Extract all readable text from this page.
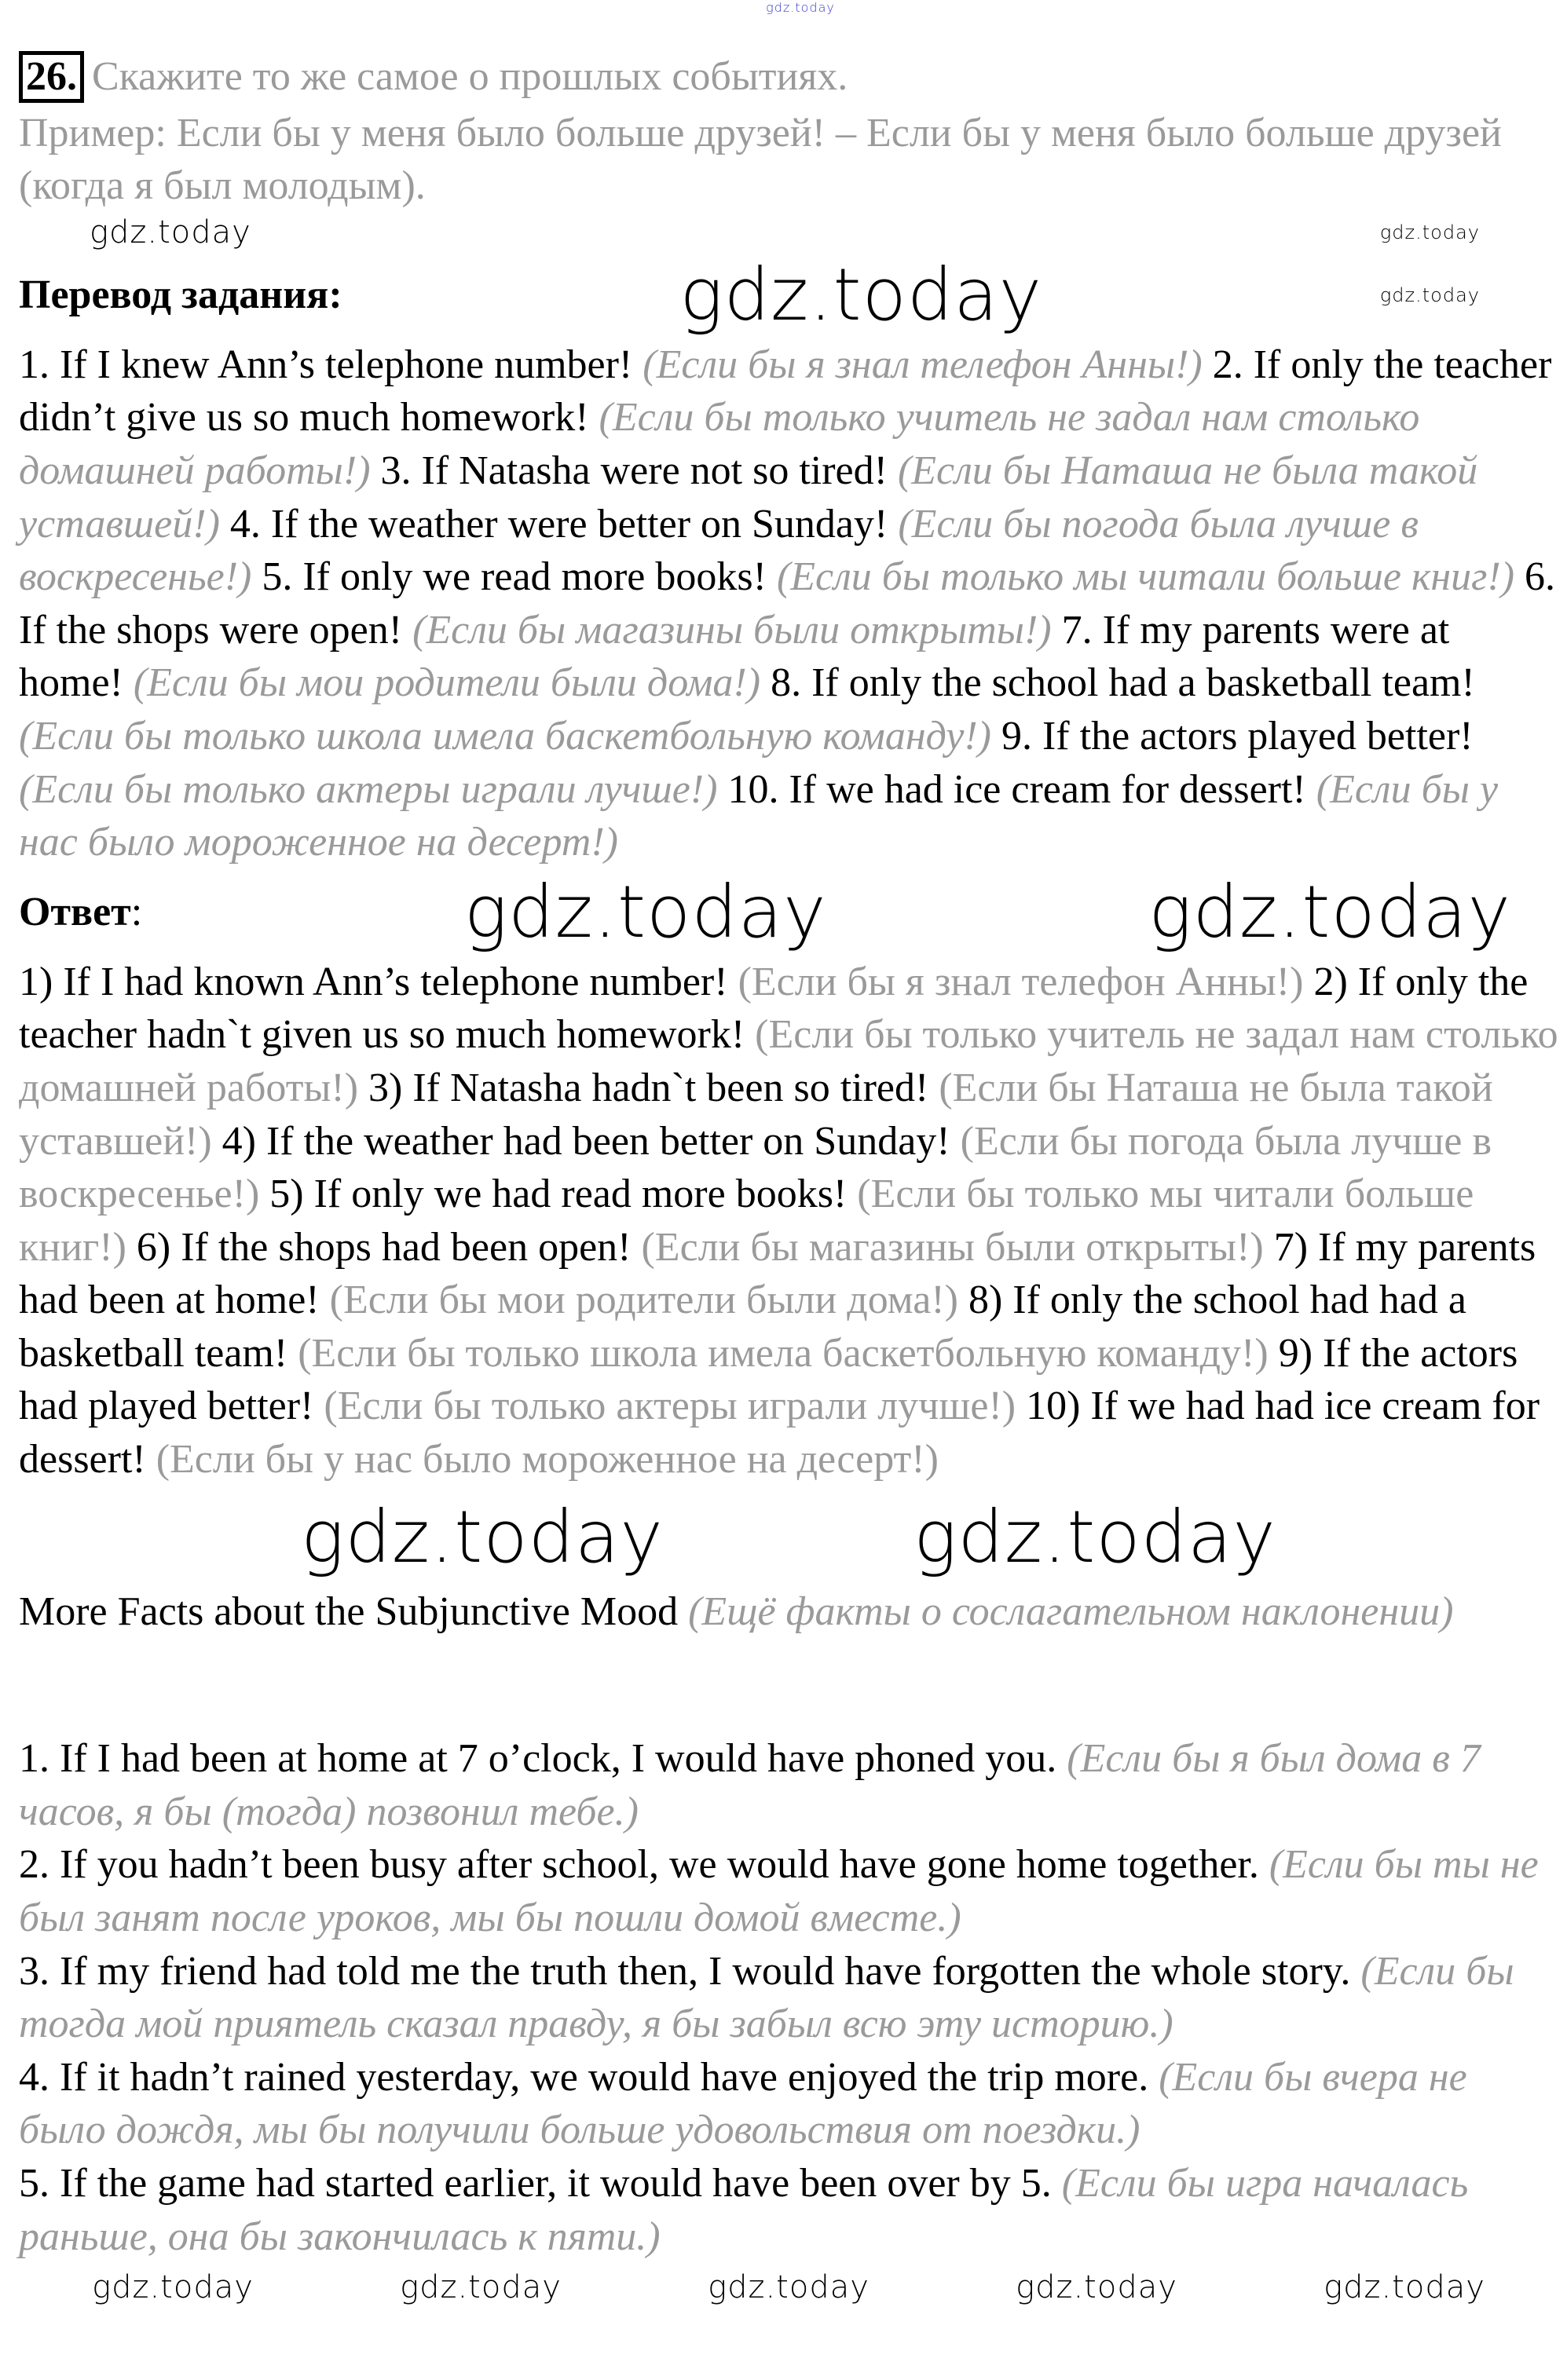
gdz.today
26. Скажите то же самое о прошлых событиях.
Пример: Если бы у меня было больше друзей! – Если бы у меня было больше друзей (когда я был молодым).
gdz.today	gdz.today
Перевод задания:	gdz.today	gdz.today
1. If I knew Ann’s telephone number! (Если бы я знал телефон Анны!) 2. If only the teacher didn’t give us so much homework! (Если бы только учитель не задал нам столько домашней работы!) 3. If Natasha were not so tired! (Если бы Наташа не была такой уставшей!) 4. If the weather were better on Sunday! (Если бы погода была лучше в воскресенье!) 5. If only we read more books! (Если бы только мы читали больше книг!) 6. If the shops were open! (Если бы магазины были открыты!) 7. If my parents were at home! (Если бы мои родители были дома!) 8. If only the school had a basketball team! (Если бы только школа имела баскетбольную команду!) 9. If the actors played better! (Если бы только актеры играли лучше!) 10. If we had ice cream for dessert! (Если бы у нас было мороженное на десерт!)
Ответ:	gdz.today	gdz.today
1) If I had known Ann’s telephone number! (Если бы я знал телефон Анны!) 2) If only the teacher hadn`t given us so much homework! (Если бы только учитель не задал нам столько домашней работы!) 3) If Natasha hadn`t been so tired! (Если бы Наташа не была такой уставшей!) 4) If the weather had been better on Sunday! (Если бы погода была лучше в воскресенье!) 5) If only we had read more books! (Если бы только мы читали больше книг!) 6) If the shops had been open! (Если бы магазины были открыты!) 7) If my parents had been at home! (Если бы мои родители были дома!) 8) If only the school had had a basketball team! (Если бы только школа имела баскетбольную команду!) 9) If the actors had played better! (Если бы только актеры играли лучше!) 10) If we had had ice cream for dessert! (Если бы у нас было мороженное на десерт!)
gdz.today	gdz.today
More Facts about the Subjunctive Mood (Ещё факты о сослагательном наклонении)
1. If I had been at home at 7 o’clock, I would have phoned you. (Если бы я был дома в 7 часов, я бы (тогда) позвонил тебе.)
2. If you hadn’t been busy after school, we would have gone home together. (Если бы ты не был занят после уроков, мы бы пошли домой вместе.)
3. If my friend had told me the truth then, I would have forgotten the whole story. (Если бы тогда мой приятель сказал правду, я бы забыл всю эту историю.)
4. If it hadn’t rained yesterday, we would have enjoyed the trip more. (Если бы вчера не было дождя, мы бы получили больше удовольствия от поездки.)
5. If the game had started earlier, it would have been over by 5. (Если бы игра началась раньше, она бы закончилась к пяти.)
gdz.today	gdz.today	gdz.today	gdz.today	gdz.today
